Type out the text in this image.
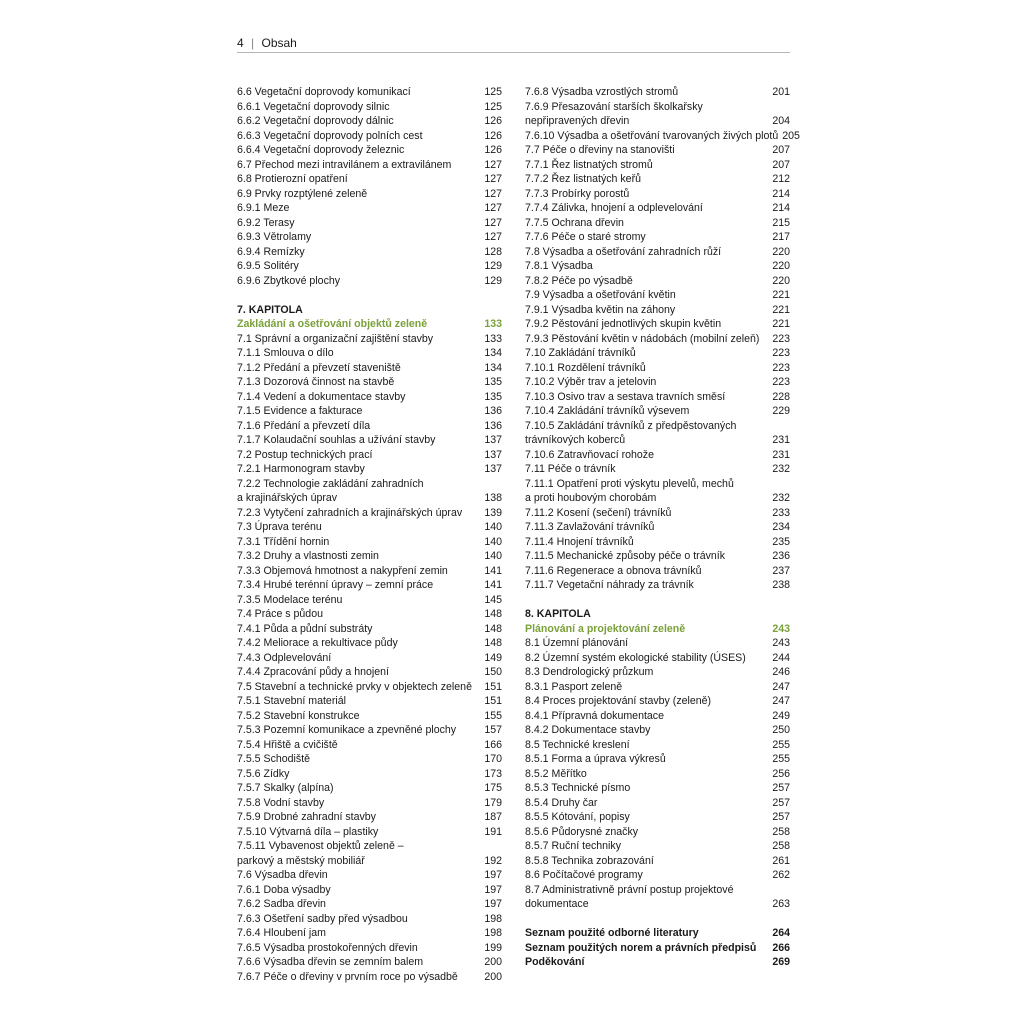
4 | Obsah
6.6 Vegetační doprovody komunikací	125
6.6.1 Vegetační doprovody silnic	125
6.6.2 Vegetační doprovody dálnic	126
6.6.3 Vegetační doprovody polních cest	126
6.6.4 Vegetační doprovody železnic	126
6.7 Přechod mezi intravilánem a extravilánem	127
6.8 Protierozní opatření	127
6.9 Prvky rozptýlené zeleně	127
6.9.1 Meze	127
6.9.2 Terasy	127
6.9.3 Větrolamy	127
6.9.4 Remízky	128
6.9.5 Solitéry	129
6.9.6 Zbytkové plochy	129
7. KAPITOLA
Zakládání a ošetřování objektů zeleně	133
7.1 Správní a organizační zajištění stavby	133
7.1.1 Smlouva o dílo	134
7.1.2 Předání a převzetí staveniště	134
7.1.3 Dozorová činnost na stavbě	135
7.1.4 Vedení a dokumentace stavby	135
7.1.5 Evidence a fakturace	136
7.1.6 Předání a převzetí díla	136
7.1.7 Kolaudační souhlas a užívání stavby	137
7.2 Postup technických prací	137
7.2.1 Harmonogram stavby	137
7.2.2 Technologie zakládání zahradních
a krajinářských úprav	138
7.2.3 Vytyčení zahradních a krajinářských úprav	139
7.3 Úprava terénu	140
7.3.1 Třídění hornin	140
7.3.2 Druhy a vlastnosti zemin	140
7.3.3 Objemová hmotnost a nakypření zemin	141
7.3.4 Hrubé terénní úpravy – zemní práce	141
7.3.5 Modelace terénu	145
7.4 Práce s půdou	148
7.4.1 Půda a půdní substráty	148
7.4.2 Meliorace a rekultivace půdy	148
7.4.3 Odplevelování	149
7.4.4 Zpracování půdy a hnojení	150
7.5 Stavební a technické prvky v objektech zeleně	151
7.5.1 Stavební materiál	151
7.5.2 Stavební konstrukce	155
7.5.3 Pozemní komunikace a zpevněné plochy	157
7.5.4 Hřiště a cvičiště	166
7.5.5 Schodiště	170
7.5.6 Zídky	173
7.5.7 Skalky (alpína)	175
7.5.8 Vodní stavby	179
7.5.9 Drobné zahradní stavby	187
7.5.10 Výtvarná díla – plastiky	191
7.5.11 Vybavenost objektů zeleně –
parkový a městský mobiliář	192
7.6 Výsadba dřevin	197
7.6.1 Doba výsadby	197
7.6.2 Sadba dřevin	197
7.6.3 Ošetření sadby před výsadbou	198
7.6.4 Hloubení jam	198
7.6.5 Výsadba prostokořenných dřevin	199
7.6.6 Výsadba dřevin se zemním balem	200
7.6.7 Péče o dřeviny v prvním roce po výsadbě	200
7.6.8 Výsadba vzrostlých stromů	201
7.6.9 Přesazování starších školkařsky
nepřipravených dřevin	204
7.6.10 Výsadba a ošetřování tvarovaných živých plotů 205
7.7 Péče o dřeviny na stanovišti	207
7.7.1 Řez listnatých stromů	207
7.7.2 Řez listnatých keřů	212
7.7.3 Probírky porostů	214
7.7.4 Zálivka, hnojení a odplevelování	214
7.7.5 Ochrana dřevin	215
7.7.6 Péče o staré stromy	217
7.8 Výsadba a ošetřování zahradních růží	220
7.8.1 Výsadba	220
7.8.2 Péče po výsadbě	220
7.9 Výsadba a ošetřování květin	221
7.9.1 Výsadba květin na záhony	221
7.9.2 Pěstování jednotlivých skupin květin	221
7.9.3 Pěstování květin v nádobách (mobilní zeleň)	223
7.10 Zakládání trávníků	223
7.10.1 Rozdělení trávníků	223
7.10.2 Výběr trav a jetelovin	223
7.10.3 Osivo trav a sestava travních směsí	228
7.10.4 Zakládání trávníků výsevem	229
7.10.5 Zakládání trávníků z předpěstovaných
trávníkových koberců	231
7.10.6 Zatravňovací rohože	231
7.11 Péče o trávník	232
7.11.1 Opatření proti výskytu plevelů, mechů
a proti houbovým chorobám	232
7.11.2 Kosení (sečení) trávníků	233
7.11.3 Zavlažování trávníků	234
7.11.4 Hnojení trávníků	235
7.11.5 Mechanické způsoby péče o trávník	236
7.11.6 Regenerace a obnova trávníků	237
7.11.7 Vegetační náhrady za trávník	238
8. KAPITOLA
Plánování a projektování zeleně	243
8.1 Územní plánování	243
8.2 Územní systém ekologické stability (ÚSES)	244
8.3 Dendrologický průzkum	246
8.3.1 Pasport zeleně	247
8.4 Proces projektování stavby (zeleně)	247
8.4.1 Přípravná dokumentace	249
8.4.2 Dokumentace stavby	250
8.5 Technické kreslení	255
8.5.1 Forma a úprava výkresů	255
8.5.2 Měřítko	256
8.5.3 Technické písmo	257
8.5.4 Druhy čar	257
8.5.5 Kótování, popisy	257
8.5.6 Půdorysné značky	258
8.5.7 Ruční techniky	258
8.5.8 Technika zobrazování	261
8.6 Počítačové programy	262
8.7 Administrativně právní postup projektové
dokumentace	263
Seznam použité odborné literatury	264
Seznam použitých norem a právních předpisů	266
Poděkování	269
